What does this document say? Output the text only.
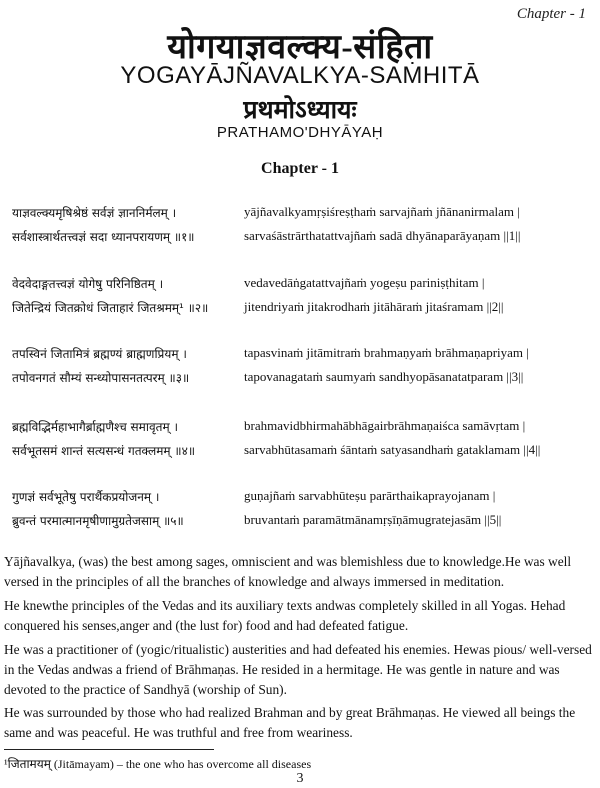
Chapter - 1
योगयाज्ञवल्क्य-संहिता
YOGAYĀJÑAVALKYA-SAṀHITĀ
प्रथमोऽध्यायः
PRATHAMO'DHYĀYAḤ
Chapter - 1
याज्ञवल्क्यमृषिश्रेष्ठं सर्वज्ञं ज्ञाननिर्मलम् ।
सर्वशास्त्रार्थतत्त्वज्ञं सदा ध्यानपरायणम् ॥१॥
yājñavalkyamṛṣiśreṣṭhaṁ sarvajñaṁ jñānanirmalam |
sarvaśāstrārthatattvajñaṁ sadā dhyānaparāyaṇam ||1||
वेदवेदाङ्गतत्त्वज्ञं योगेषु परिनिष्ठितम् ।
जितेन्द्रियं जितक्रोधं जिताहारं जितश्रमम्¹ ॥२॥
vedavedāṅgatattvajñaṁ yogeṣu pariniṣṭhitam |
jitendriyaṁ jitakrodhaṁ jitāhāraṁ jitaśramam ||2||
तपस्विनं जितामित्रं ब्रह्मण्यं ब्राह्मणप्रियम् ।
तपोवनगतं सौम्यं सन्ध्योपासनतत्परम् ॥३॥
tapasvinaṁ jitāmitraṁ brahmaṇyaṁ brāhmaṇapriyam |
tapovanagataṁ saumyaṁ sandhyopāsanatatparam ||3||
ब्रह्मविद्भिर्महाभागैर्ब्राह्मणैश्च समावृतम् ।
सर्वभूतसमं शान्तं सत्यसन्धं गतक्लमम् ॥४॥
brahmavidbhirmahābhāgairbrāhmaṇaiśca samāvṛtam |
sarvabhūtasamaṁ śāntaṁ satyasandhaṁ gataklamam ||4||
गुणज्ञं सर्वभूतेषु परार्थैकप्रयोजनम् ।
ब्रुवन्तं परमात्मानमृषीणामुग्रतेजसाम् ॥५॥
guṇajñaṁ sarvabhūteṣu parārthaikaprayojanam |
bruvantaṁ paramātmānamṛṣīṇāmugratejasām ||5||
Yājñavalkya, (was) the best among sages, omniscient and was blemishless due to knowledge.He was well versed in the principles of all the branches of knowledge and always immersed in meditation.
He knewthe principles of the Vedas and its auxiliary texts andwas completely skilled in all Yogas. Hehad conquered his senses,anger and (the lust for) food and had defeated fatigue.
He was a practitioner of (yogic/ritualistic) austerities and had defeated his enemies. Hewas pious/ well-versed in the Vedas andwas a friend of Brāhmaṇas. He resided in a hermitage. He was gentle in nature and was devoted to the practice of Sandhyā (worship of Sun).
He was surrounded by those who had realized Brahman and by great Brāhmaṇas. He viewed all beings the same and was peaceful. He was truthful and free from weariness.
¹जितामयम् (Jitāmayam) – the one who has overcome all diseases
3
